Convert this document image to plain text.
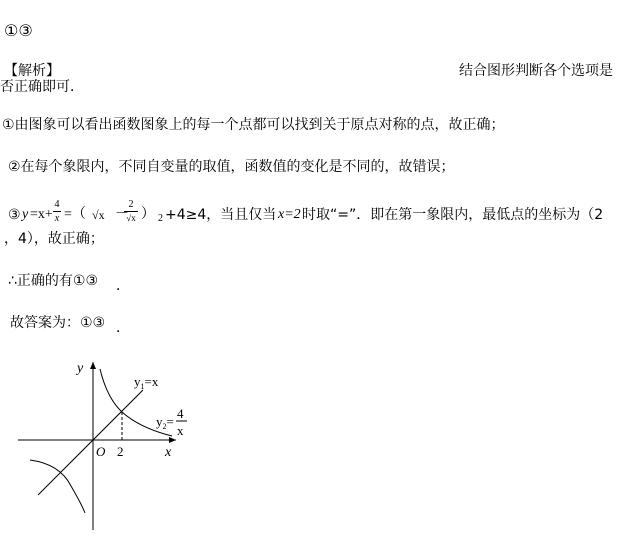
①③
【解析】	结合图形判断各个选项是
否正确即可．
①由图象可以看出函数图象上的每一个点都可以找到关于原点对称的点，故正确；
②在每个象限内，不同自变量的取值，函数值的变化是不同的，故错误；
③ y =x+
4
x =（ √x －
2
√x ） 2 +4≥4，当且仅当 x=2 时取“=”．即在第一象限内，最低点的坐标为（2
，4），故正确；
∴正确的有①③ ．
故答案为：①③ ．
y
x
O 2
$y_1=x$
$y_2=$
4
x
